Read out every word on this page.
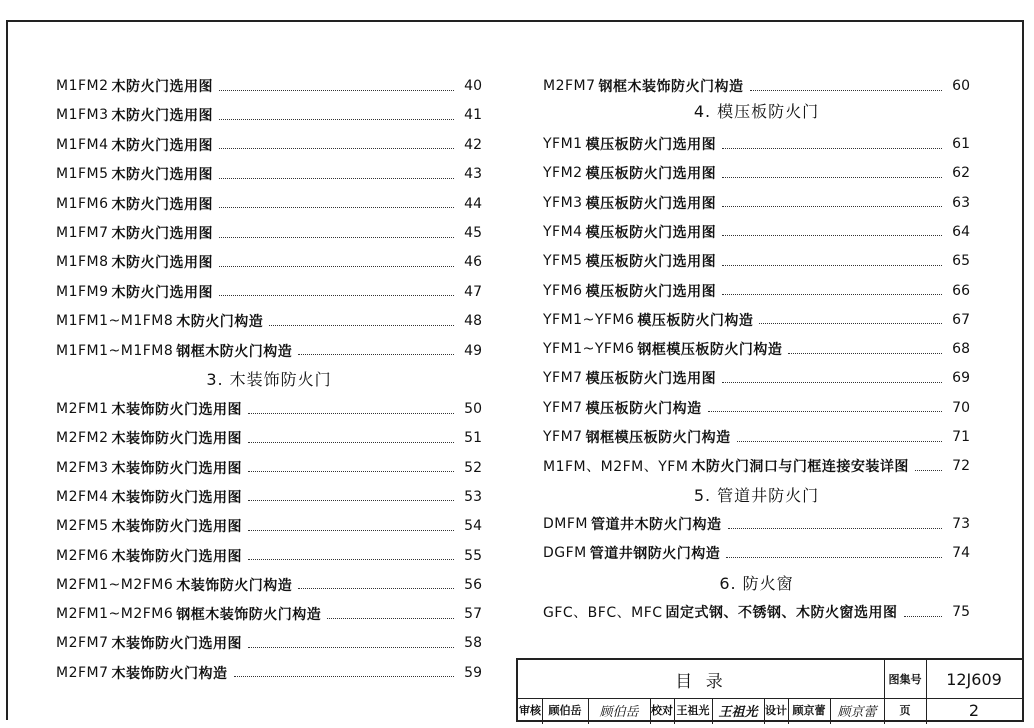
M1FM2 木防火门选用图	40
M1FM3 木防火门选用图	41
M1FM4 木防火门选用图	42
M1FM5 木防火门选用图	43
M1FM6 木防火门选用图	44
M1FM7 木防火门选用图	45
M1FM8 木防火门选用图	46
M1FM9 木防火门选用图	47
M1FM1~M1FM8 木防火门构造	48
M1FM1~M1FM8 钢框木防火门构造	49
3. 木装饰防火门
M2FM1 木装饰防火门选用图	50
M2FM2 木装饰防火门选用图	51
M2FM3 木装饰防火门选用图	52
M2FM4 木装饰防火门选用图	53
M2FM5 木装饰防火门选用图	54
M2FM6 木装饰防火门选用图	55
M2FM1~M2FM6 木装饰防火门构造	56
M2FM1~M2FM6 钢框木装饰防火门构造	57
M2FM7 木装饰防火门选用图	58
M2FM7 木装饰防火门构造	59
M2FM7 钢框木装饰防火门构造	60
4. 模压板防火门
YFM1 模压板防火门选用图	61
YFM2 模压板防火门选用图	62
YFM3 模压板防火门选用图	63
YFM4 模压板防火门选用图	64
YFM5 模压板防火门选用图	65
YFM6 模压板防火门选用图	66
YFM1~YFM6 模压板防火门构造	67
YFM1~YFM6 钢框模压板防火门构造	68
YFM7 模压板防火门选用图	69
YFM7 模压板防火门构造	70
YFM7 钢框模压板防火门构造	71
M1FM、M2FM、YFM 木防火门洞口与门框连接安装详图	72
5. 管道井防火门
DMFM 管道井木防火门构造	73
DGFM 管道井钢防火门构造	74
6. 防火窗
GFC、BFC、MFC 固定式钢、不锈钢、木防火窗选用图	75
目 录	图集号	12J609
审核 顾伯岳	顾伯岳	校对 王祖光 王祖光 设计 顾京蕾 顾京蕾	页	2
